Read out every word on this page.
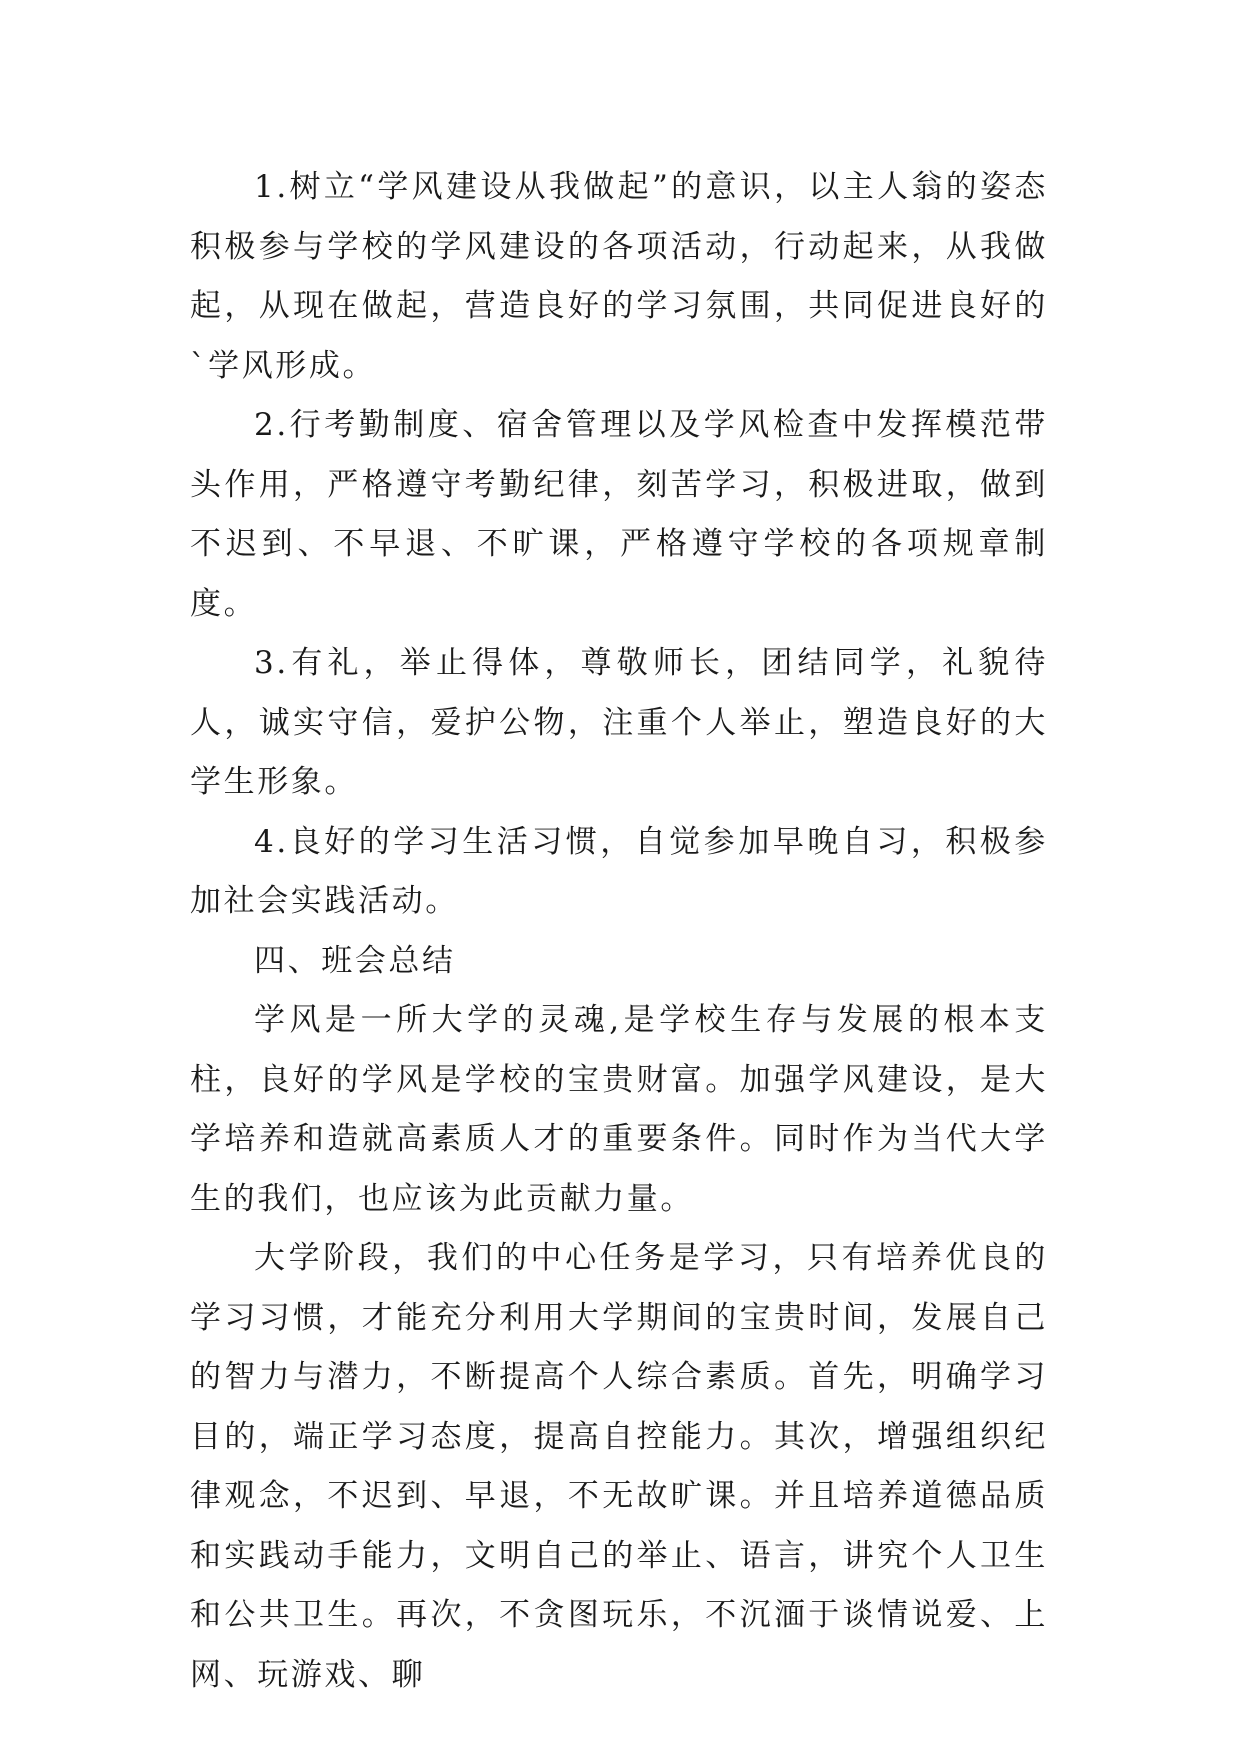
1.树立“学风建设从我做起”的意识，以主人翁的姿态积极参与学校的学风建设的各项活动，行动起来，从我做起，从现在做起，营造良好的学习氛围，共同促进良好的`学风形成。

2.行考勤制度、宿舍管理以及学风检查中发挥模范带头作用，严格遵守考勤纪律，刻苦学习，积极进取，做到不迟到、不早退、不旷课，严格遵守学校的各项规章制度。

3.有礼，举止得体，尊敬师长，团结同学，礼貌待人，诚实守信，爱护公物，注重个人举止，塑造良好的大学生形象。

4.良好的学习生活习惯，自觉参加早晚自习，积极参加社会实践活动。

四、班会总结

学风是一所大学的灵魂,是学校生存与发展的根本支柱，良好的学风是学校的宝贵财富。加强学风建设，是大学培养和造就高素质人才的重要条件。同时作为当代大学生的我们，也应该为此贡献力量。

大学阶段，我们的中心任务是学习，只有培养优良的学习习惯，才能充分利用大学期间的宝贵时间，发展自己的智力与潜力，不断提高个人综合素质。首先，明确学习目的，端正学习态度，提高自控能力。其次，增强组织纪律观念，不迟到、早退，不无故旷课。并且培养道德品质和实践动手能力，文明自己的举止、语言，讲究个人卫生和公共卫生。再次，不贪图玩乐，不沉湎于谈情说爱、上网、玩游戏、聊
